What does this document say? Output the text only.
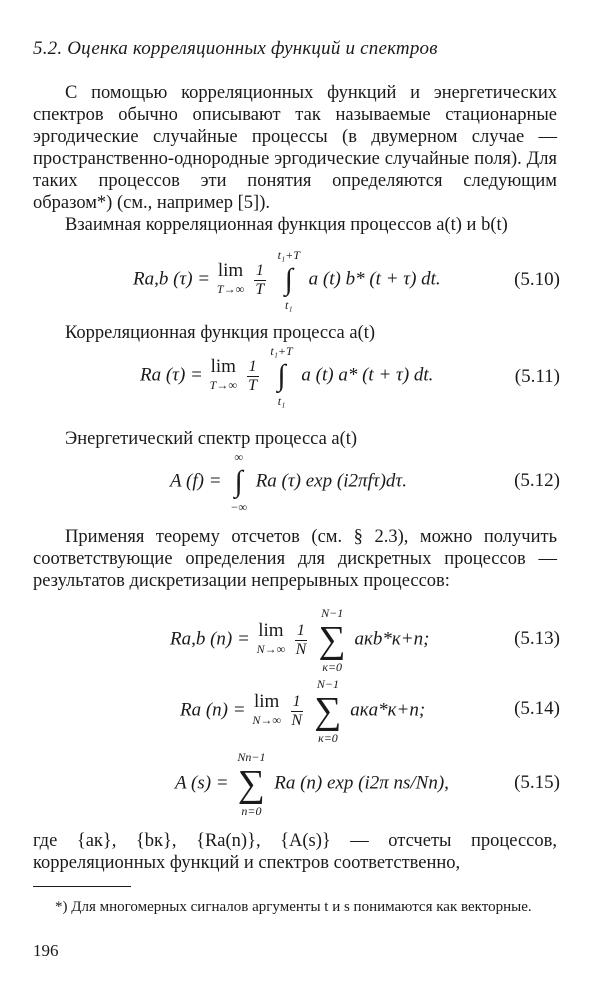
5.2. Оценка корреляционных функций и спектров

С помощью корреляционных функций и энергетических спектров обычно описывают так называемые стационарные эргодические случайные процессы (в двумерном случае — пространственно-однородные эргодические случайные поля). Для таких процессов эти понятия определяются следующим образом*) (см., например [5]).

Взаимная корреляционная функция процессов a(t) и b(t)

Ra,b (τ) = lim
T→∞
$\frac{1}{T}$

t₁+T
∫
t₁
a (t) b* (t + τ) dt.	(5.10)

Корреляционная функция процесса a(t)

Ra (τ) = lim
T→∞
$\frac{1}{T}$

t₁+T
∫
t₁
a (t) a* (t + τ) dt.	(5.11)

Энергетический спектр процесса a(t)

A (f) =
∞
∫
−∞
Ra (τ) exp (i2πfτ)dτ.	(5.12)

Применяя теорему отсчетов (см. § 2.3), можно получить соответствующие определения для дискретных процессов — результатов дискретизации непрерывных процессов:

Ra,b (n) = lim
N→∞
$\frac{1}{N}$

N−1
∑
к=0
aкb*к+n;	(5.13)
Ra (n) = lim
N→∞
$\frac{1}{N}$

N−1
∑
к=0
aкa*к+n;	(5.14)
A (s) =
Nn−1
∑
n=0
Ra (n) exp (i2π ns/Nn),	(5.15)

где {aк}, {bк}, {Ra(n)}, {A(s)} — отсчеты процессов, корреляционных функций и спектров соответственно,

*) Для многомерных сигналов аргументы t и s понимаются как векторные.
196
